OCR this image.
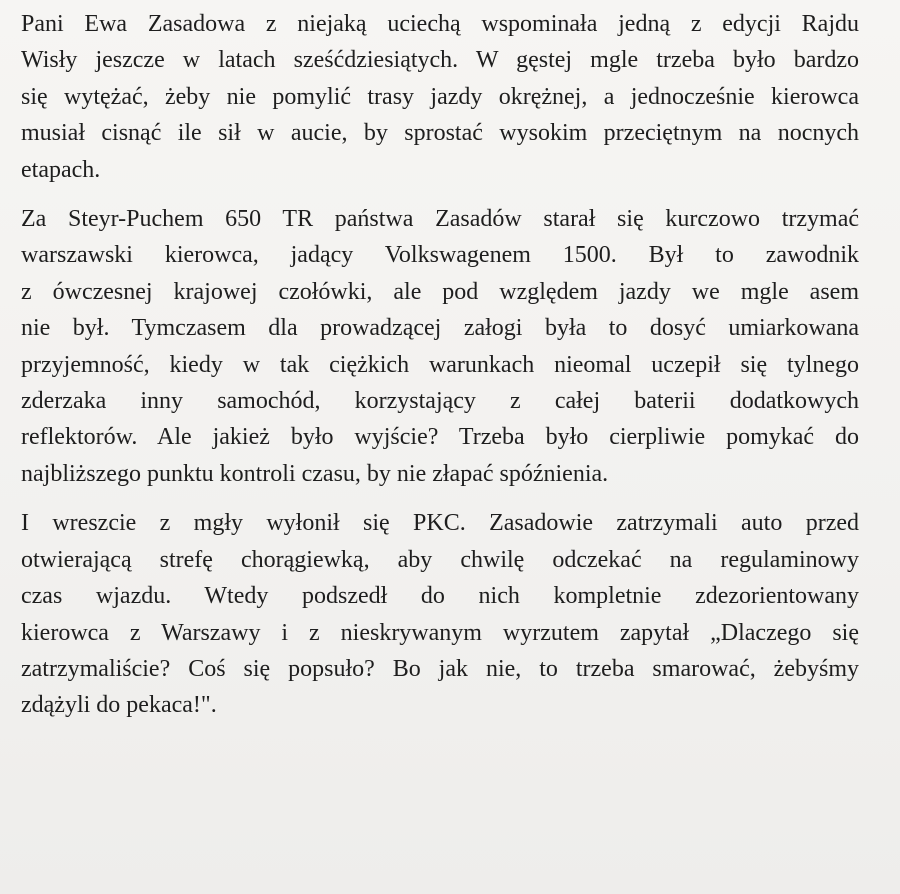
Pani Ewa Zasadowa z niejaką uciechą wspominała jedną z edycji Rajdu
Wisły jeszcze w latach sześćdziesiątych. W gęstej mgle trzeba było bardzo
się wytężać, żeby nie pomylić trasy jazdy okrężnej, a jednocześnie kierowca
musiał cisnąć ile sił w aucie, by sprostać wysokim przeciętnym na nocnych
etapach.

Za Steyr-Puchem 650 TR państwa Zasadów starał się kurczowo trzymać
warszawski kierowca, jadący Volkswagenem 1500. Był to zawodnik
z ówczesnej krajowej czołówki, ale pod względem jazdy we mgle asem
nie był. Tymczasem dla prowadzącej załogi była to dosyć umiarkowana
przyjemność, kiedy w tak ciężkich warunkach nieomal uczepił się tylnego
zderzaka inny samochód, korzystający z całej baterii dodatkowych
reflektorów. Ale jakież było wyjście? Trzeba było cierpliwie pomykać do
najbliższego punktu kontroli czasu, by nie złapać spóźnienia.

I wreszcie z mgły wyłonił się PKC. Zasadowie zatrzymali auto przed
otwierającą strefę chorągiewką, aby chwilę odczekać na regulaminowy
czas wjazdu. Wtedy podszedł do nich kompletnie zdezorientowany
kierowca z Warszawy i z nieskrywanym wyrzutem zapytał „Dlaczego się
zatrzymaliście? Coś się popsuło? Bo jak nie, to trzeba smarować, żebyśmy
zdążyli do pekaca!".
